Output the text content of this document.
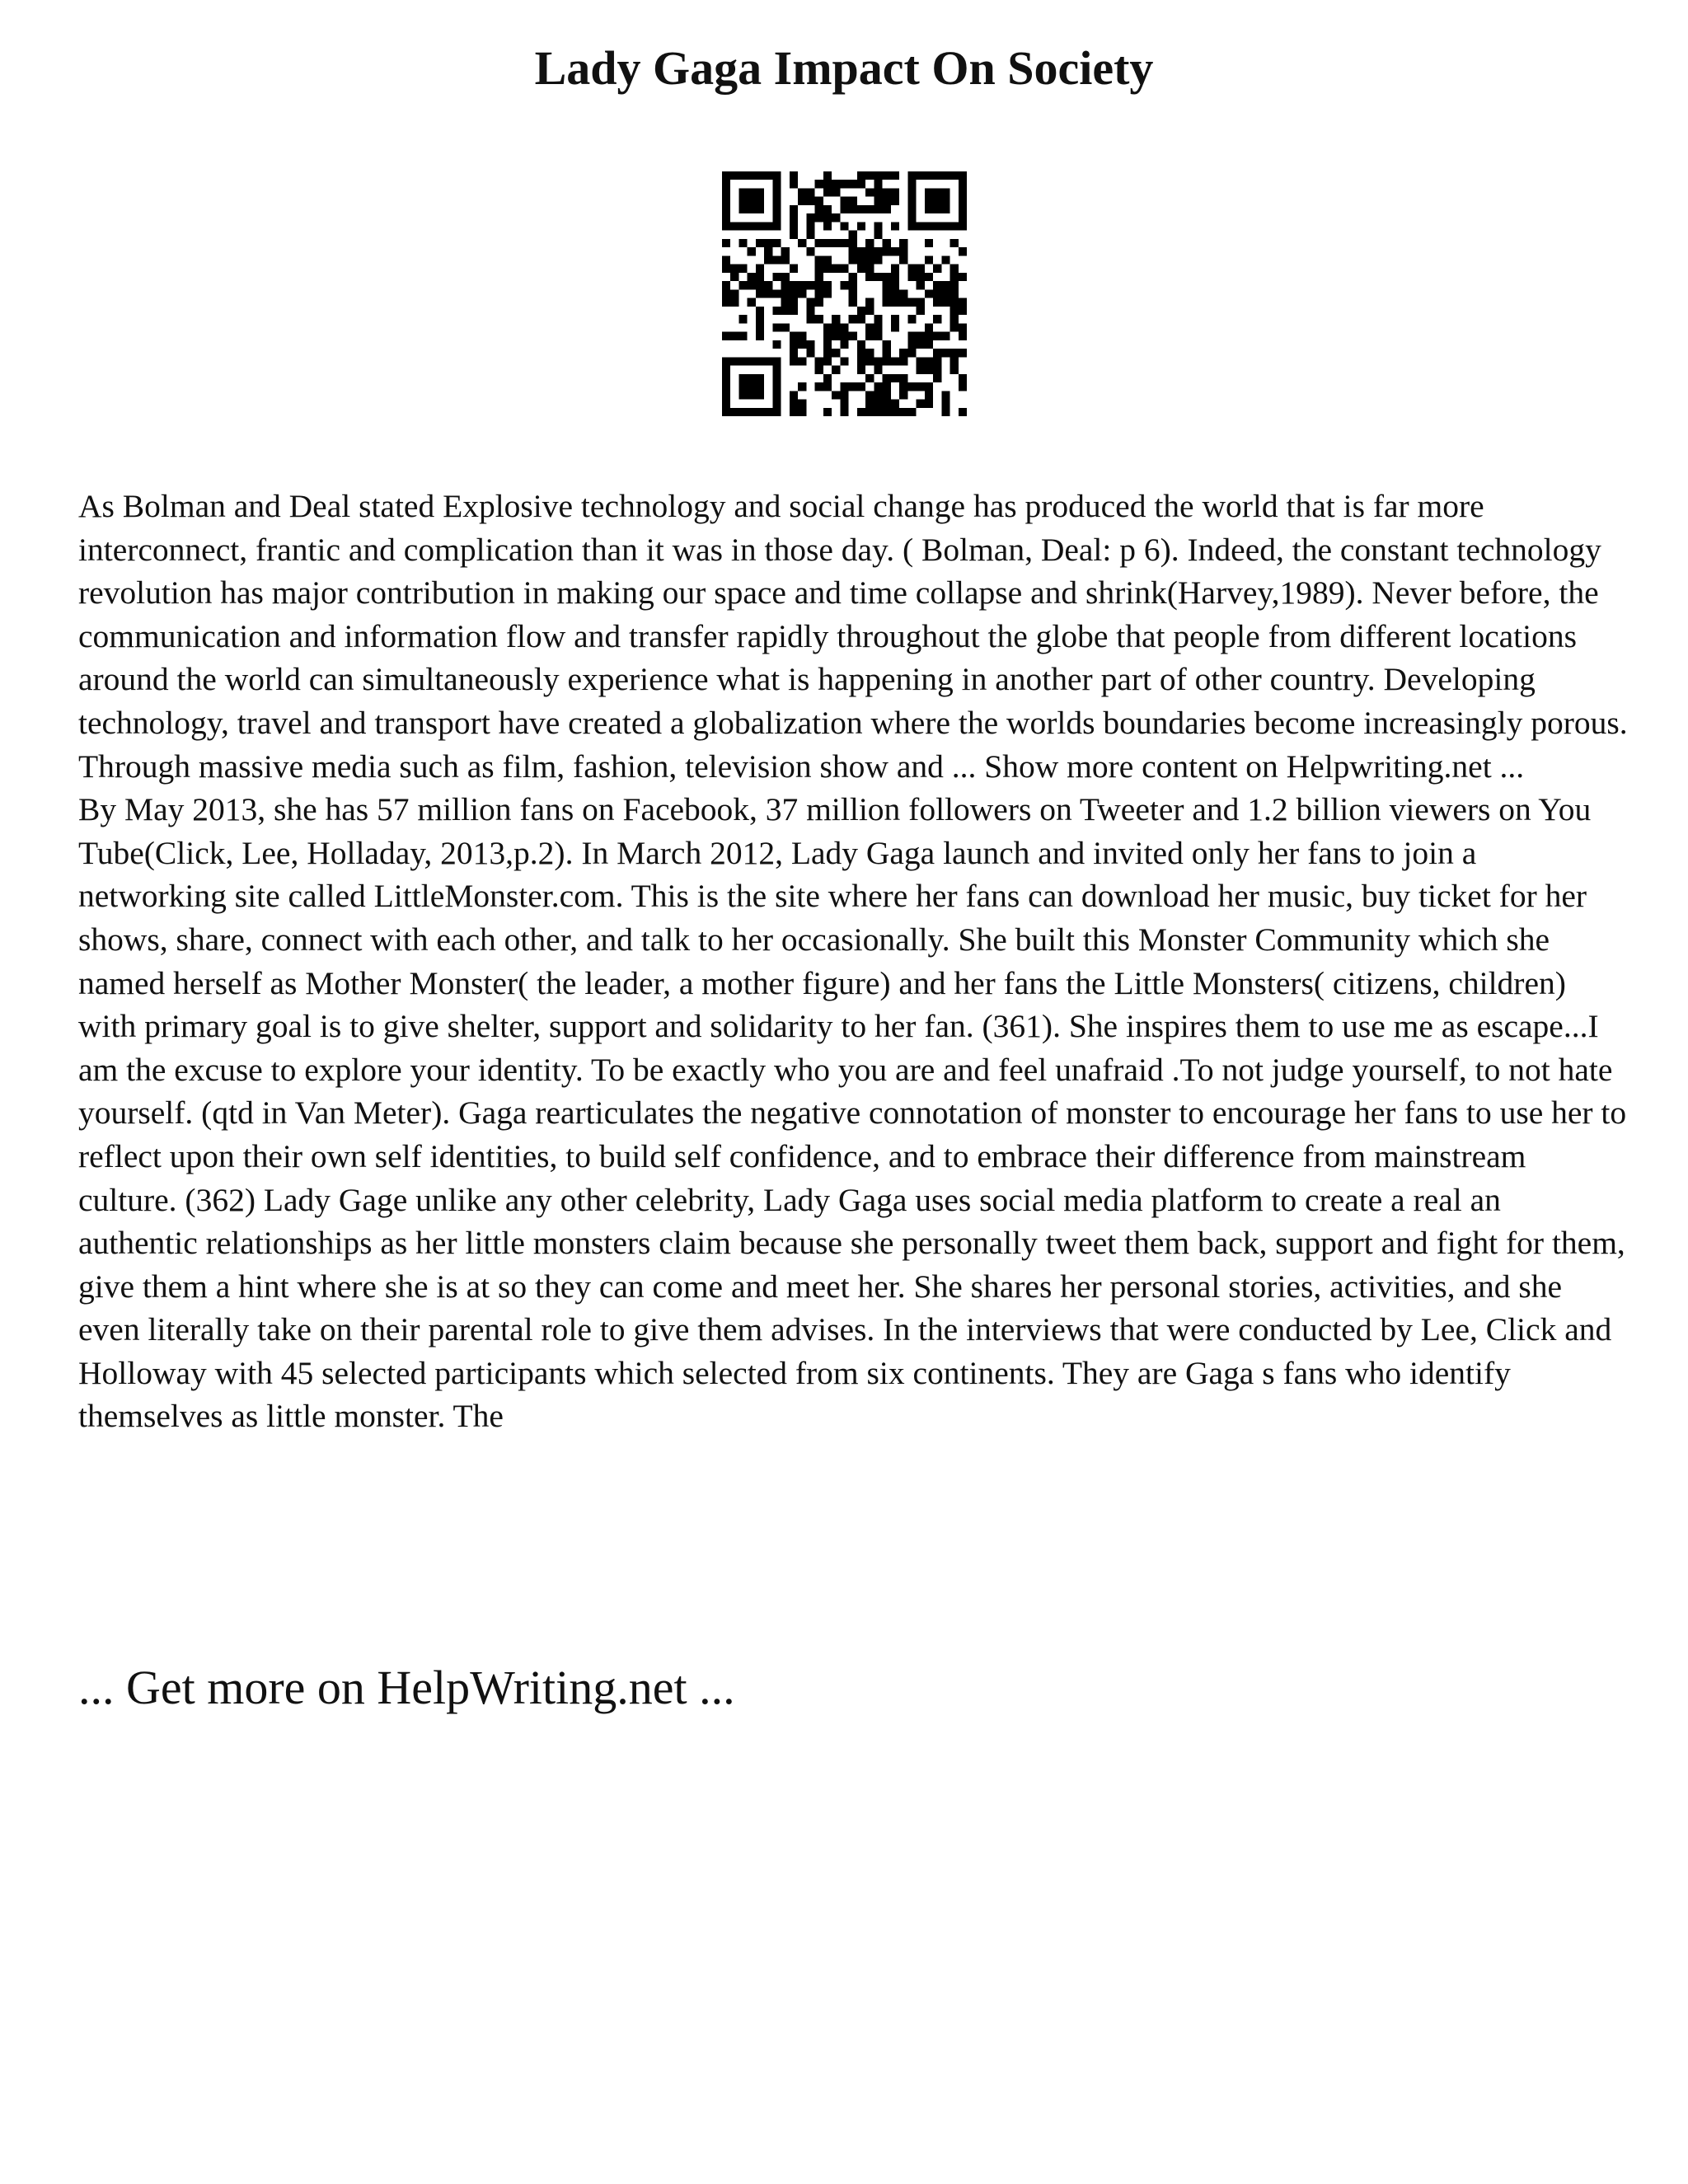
Lady Gaga Impact On Society

As Bolman and Deal stated Explosive technology and social change has produced the world that is far more interconnect, frantic and complication than it was in those day. ( Bolman, Deal: p 6). Indeed, the constant technology revolution has major contribution in making our space and time collapse and shrink(Harvey,1989). Never before, the communication and information flow and transfer rapidly throughout the globe that people from different locations around the world can simultaneously experience what is happening in another part of other country. Developing technology, travel and transport have created a globalization where the worlds boundaries become increasingly porous. Through massive media such as film, fashion, television show and ... Show more content on Helpwriting.net ...

By May 2013, she has 57 million fans on Facebook, 37 million followers on Tweeter and 1.2 billion viewers on You Tube(Click, Lee, Holladay, 2013,p.2). In March 2012, Lady Gaga launch and invited only her fans to join a networking site called LittleMonster.com. This is the site where her fans can download her music, buy ticket for her shows, share, connect with each other, and talk to her occasionally. She built this Monster Community which she named herself as Mother Monster( the leader, a mother figure) and her fans the Little Monsters( citizens, children) with primary goal is to give shelter, support and solidarity to her fan. (361). She inspires them to use me as escape...I am the excuse to explore your identity. To be exactly who you are and feel unafraid .To not judge yourself, to not hate yourself. (qtd in Van Meter). Gaga rearticulates the negative connotation of monster to encourage her fans to use her to reflect upon their own self identities, to build self confidence, and to embrace their difference from mainstream culture. (362) Lady Gage unlike any other celebrity, Lady Gaga uses social media platform to create a real an authentic relationships as her little monsters claim because she personally tweet them back, support and fight for them, give them a hint where she is at so they can come and meet her. She shares her personal stories, activities, and she even literally take on their parental role to give them advises. In the interviews that were conducted by Lee, Click and Holloway with 45 selected participants which selected from six continents. They are Gaga s fans who identify themselves as little monster. The

... Get more on HelpWriting.net ...
